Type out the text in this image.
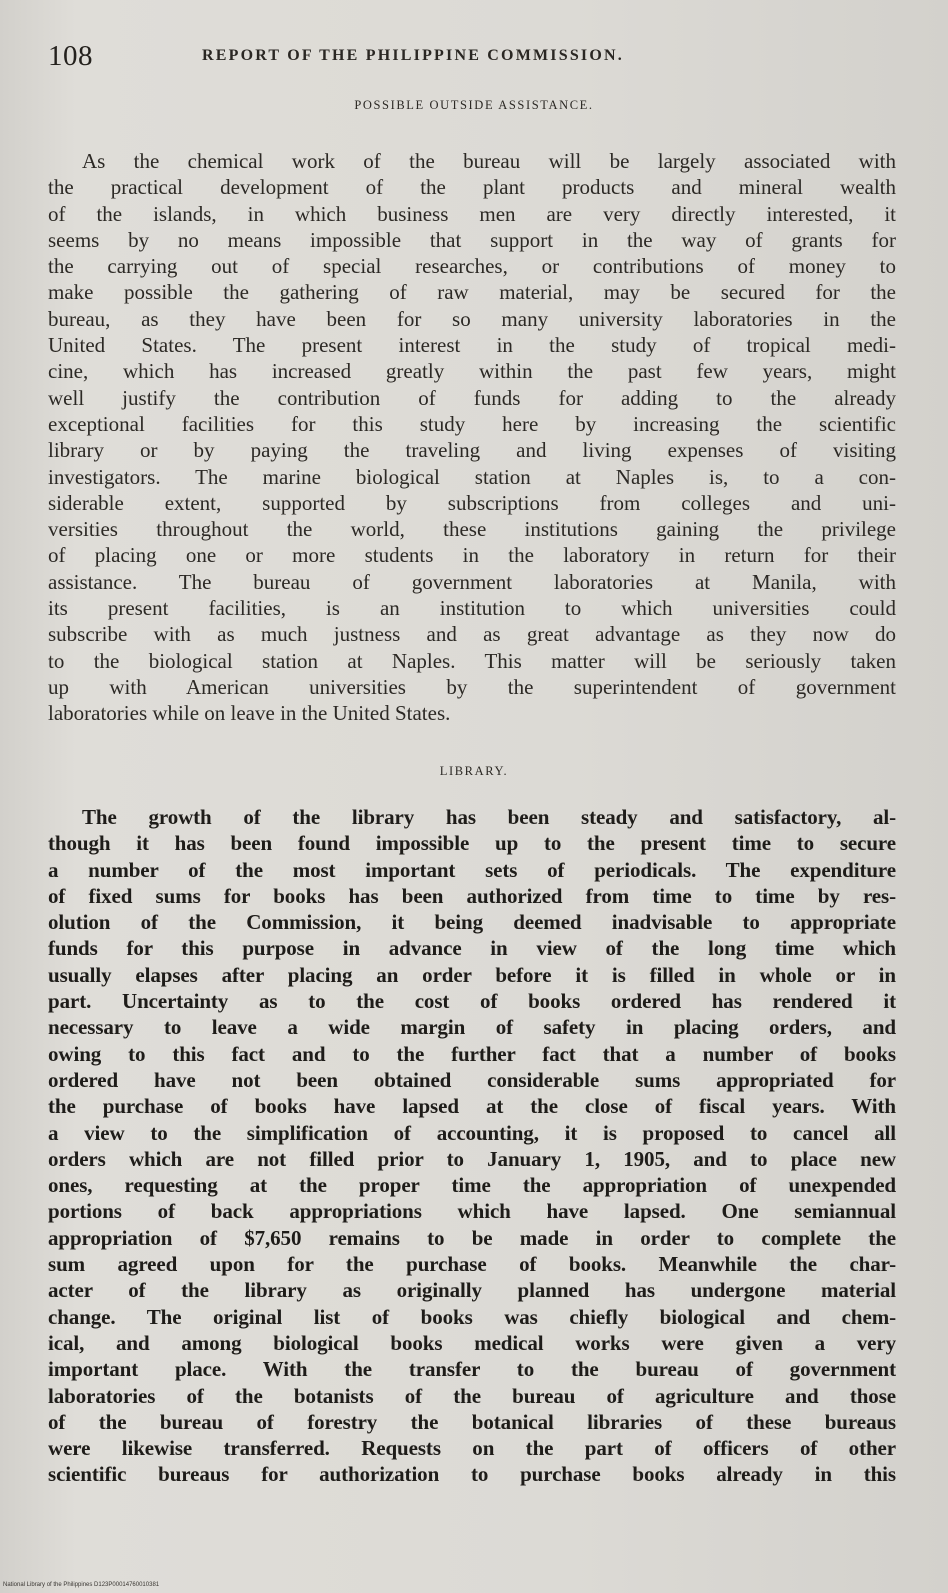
108	REPORT OF THE PHILIPPINE COMMISSION.
POSSIBLE OUTSIDE ASSISTANCE.
As the chemical work of the bureau will be largely associated with
the practical development of the plant products and mineral wealth
of the islands, in which business men are very directly interested, it
seems by no means impossible that support in the way of grants for
the carrying out of special researches, or contributions of money to
make possible the gathering of raw material, may be secured for the
bureau, as they have been for so many university laboratories in the
United States. The present interest in the study of tropical medi-
cine, which has increased greatly within the past few years, might
well justify the contribution of funds for adding to the already
exceptional facilities for this study here by increasing the scientific
library or by paying the traveling and living expenses of visiting
investigators. The marine biological station at Naples is, to a con-
siderable extent, supported by subscriptions from colleges and uni-
versities throughout the world, these institutions gaining the privilege
of placing one or more students in the laboratory in return for their
assistance. The bureau of government laboratories at Manila, with
its present facilities, is an institution to which universities could
subscribe with as much justness and as great advantage as they now do
to the biological station at Naples. This matter will be seriously taken
up with American universities by the superintendent of government
laboratories while on leave in the United States.
LIBRARY.
The growth of the library has been steady and satisfactory, al-
though it has been found impossible up to the present time to secure
a number of the most important sets of periodicals. The expenditure
of fixed sums for books has been authorized from time to time by res-
olution of the Commission, it being deemed inadvisable to appropriate
funds for this purpose in advance in view of the long time which
usually elapses after placing an order before it is filled in whole or in
part. Uncertainty as to the cost of books ordered has rendered it
necessary to leave a wide margin of safety in placing orders, and
owing to this fact and to the further fact that a number of books
ordered have not been obtained considerable sums appropriated for
the purchase of books have lapsed at the close of fiscal years. With
a view to the simplification of accounting, it is proposed to cancel all
orders which are not filled prior to January 1, 1905, and to place new
ones, requesting at the proper time the appropriation of unexpended
portions of back appropriations which have lapsed. One semiannual
appropriation of $7,650 remains to be made in order to complete the
sum agreed upon for the purchase of books. Meanwhile the char-
acter of the library as originally planned has undergone material
change. The original list of books was chiefly biological and chem-
ical, and among biological books medical works were given a very
important place. With the transfer to the bureau of government
laboratories of the botanists of the bureau of agriculture and those
of the bureau of forestry the botanical libraries of these bureaus
were likewise transferred. Requests on the part of officers of other
scientific bureaus for authorization to purchase books already in this
National Library of the Philippines D123P00014760010381
